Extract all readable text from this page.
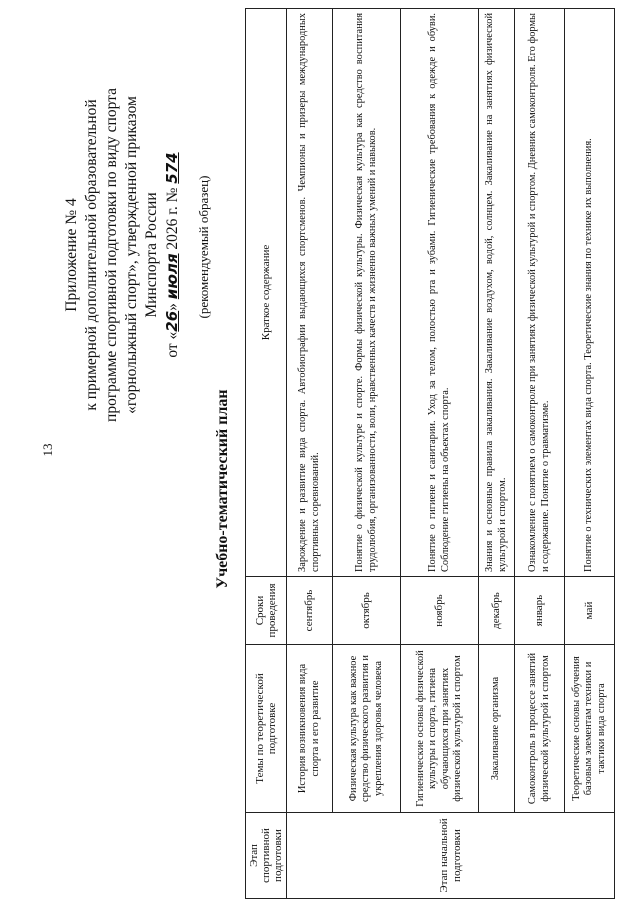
13
Приложение № 4 к примерной дополнительной образовательной программе спортивной подготовки по виду спорта «горнолыжный спорт», утвержденной приказом Минспорта России
от «26» июля 2026 г. № 574
(рекомендуемый образец)
Учебно-тематический план
Этап спортивной подготовки	Темы по теоретической подготовке	Сроки проведения	Краткое содержание
Этап начальной подготовки	История возникновения вида спорта и его развитие	сентябрь	Зарождение и развитие вида спорта. Автобиографии выдающихся спортсменов. Чемпионы и призеры международных спортивных соревнований.
	Физическая культура как важное средство физического развития и укрепления здоровья человека	октябрь	Понятие о физической культуре и спорте. Формы физической культуры. Физическая культура как средство воспитания трудолюбия, организованности, воли, нравственных качеств и жизненно важных умений и навыков.
	Гигиенические основы физической культуры и спорта, гигиена обучающихся при занятиях физической культурой и спортом	ноябрь	Понятие о гигиене и санитарии. Уход за телом, полостью рта и зубами. Гигиенические требования к одежде и обуви. Соблюдение гигиены на объектах спорта.
	Закаливание организма	декабрь	Знания и основные правила закаливания. Закаливание воздухом, водой, солнцем. Закаливание на занятиях физической культурой и спортом.
	Самоконтроль в процессе занятий физической культурой и спортом	январь	Ознакомление с понятием о самоконтроле при занятиях физической культурой и спортом. Дневник самоконтроля. Его формы и содержание. Понятие о травматизме.
	Теоретические основы обучения базовым элементам техники и тактики вида спорта	май	Понятие о технических элементах вида спорта. Теоретические знания по технике их выполнения.
